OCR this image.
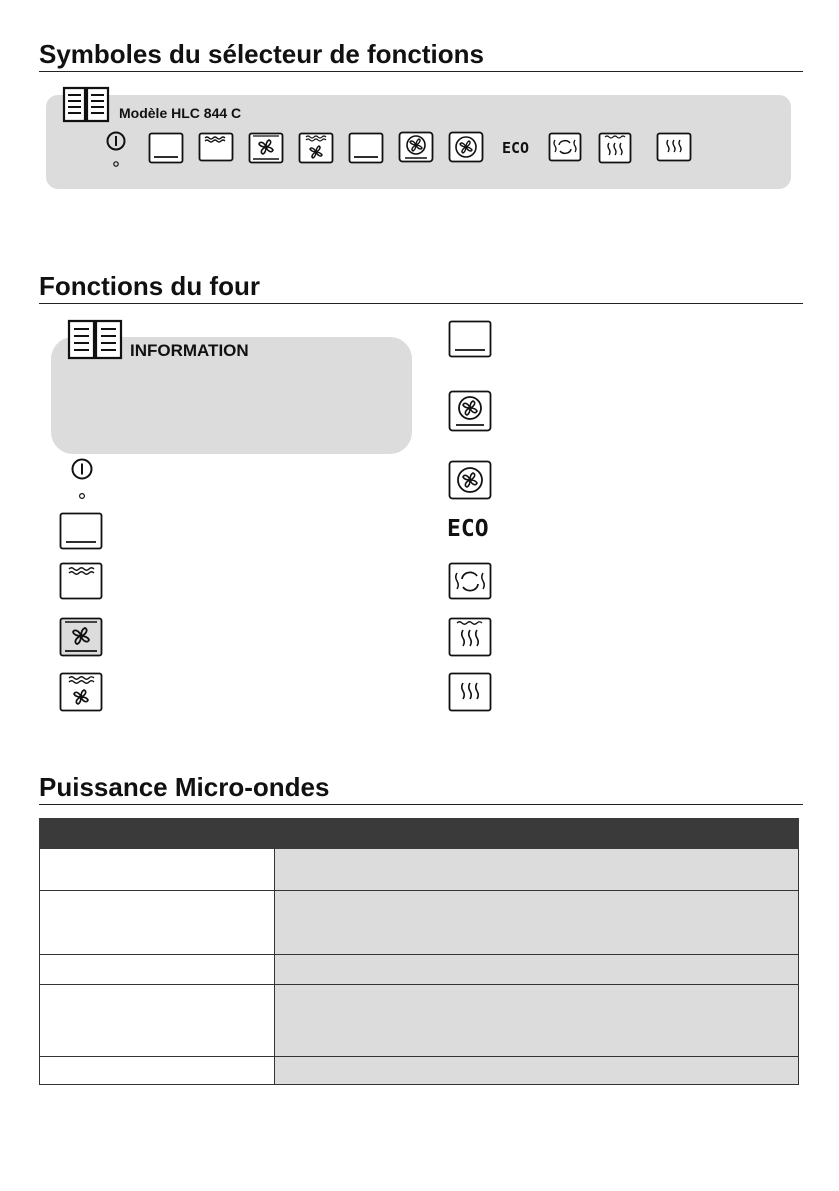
Symboles du sélecteur de fonctions
Modèle HLC 844 C
ECO
Fonctions du four
INFORMATION
ECO
Puissance Micro-ondes
